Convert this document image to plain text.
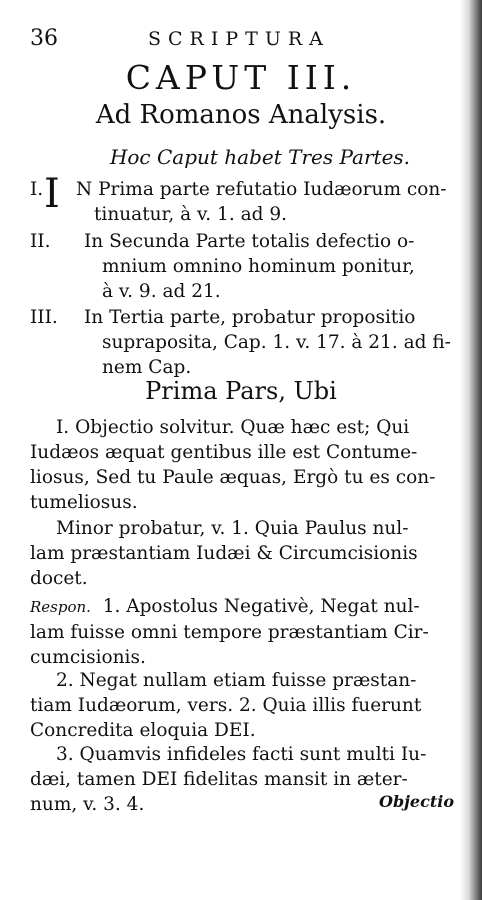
36	SCRIPTURA
CAPUT III.
Ad Romanos Analysis.
Hoc Caput habet Tres Partes.
I. I N Prima parte refutatio Iudæorum con-
tinuatur, à v. 1. ad 9.
II. In Secunda Parte totalis defectio o-
mnium omnino hominum ponitur,
à v. 9. ad 21.
III. In Tertia parte, probatur propositio
supraposita, Cap. 1. v. 17. à 21. ad fi-
nem Cap.
Prima Pars, Ubi
I. Objectio solvitur. Quæ hæc est; Qui
Iudæos æquat gentibus ille est Contume-
liosus, Sed tu Paule æquas, Ergò tu es con-
tumeliosus.
Minor probatur, v. 1. Quia Paulus nul-
lam præstantiam Iudæi & Circumcisionis
docet.
Respon. 1. Apostolus Negativè, Negat nul-
lam fuisse omni tempore præstantiam Cir-
cumcisionis.
2. Negat nullam etiam fuisse præstan-
tiam Iudæorum, vers. 2. Quia illis fuerunt
Concredita eloquia DEI.
3. Quamvis infideles facti sunt multi Iu-
dæi, tamen DEI fidelitas mansit in æter-
num, v. 3. 4.	Objectio
